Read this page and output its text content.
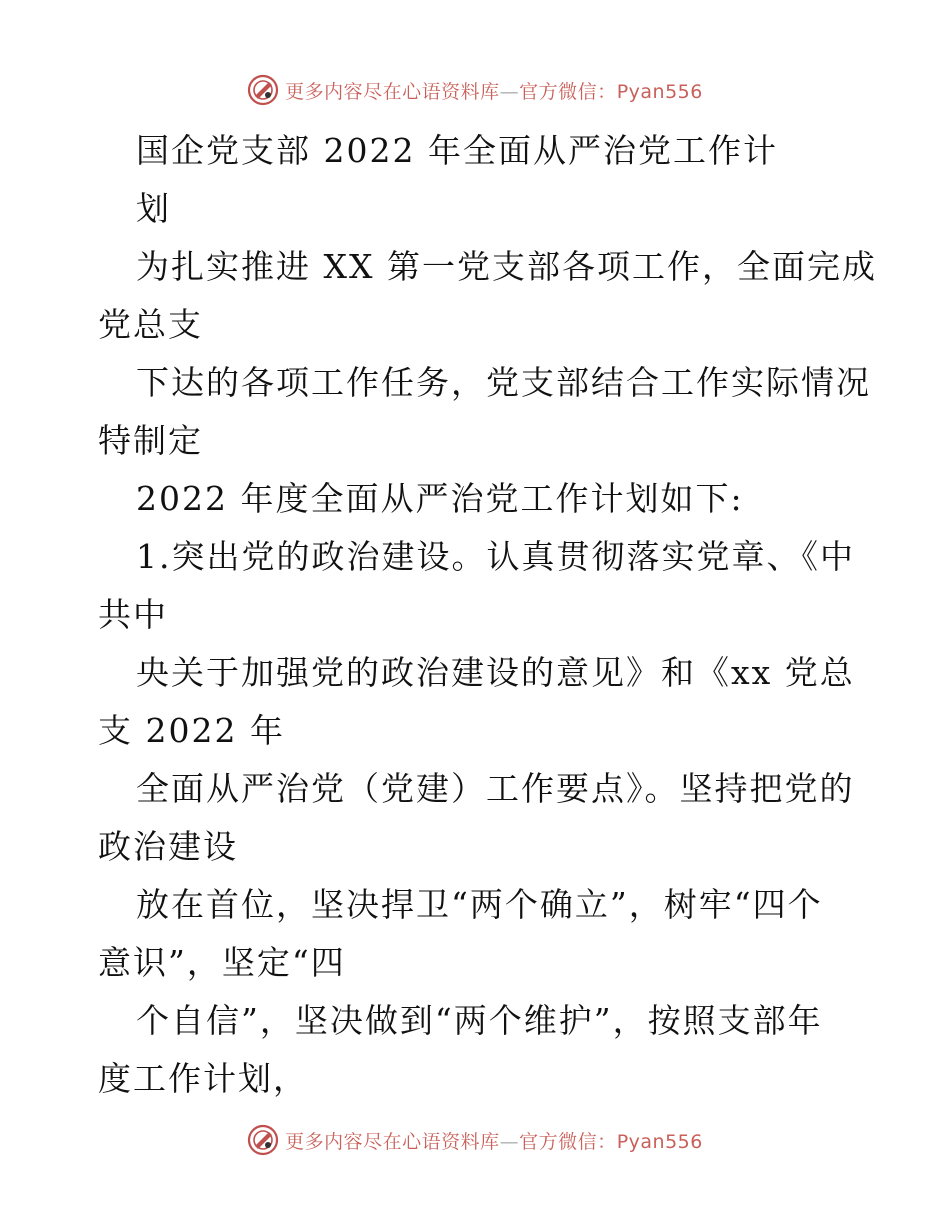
更多内容尽在心语资料库—官方微信：Pyan556
国企党支部 2022 年全面从严治党工作计
划
为扎实推进 XX 第一党支部各项工作，全面完成
党总支
下达的各项工作任务，党支部结合工作实际情况
特制定
2022 年度全面从严治党工作计划如下:
1.突出党的政治建设。认真贯彻落实党章、《中
共中
央关于加强党的政治建设的意见》和《xx 党总
支 2022 年
全面从严治党（党建）工作要点》。坚持把党的
政治建设
放在首位，坚决捍卫“两个确立”，树牢“四个
意识”，坚定“四
个自信”，坚决做到“两个维护”，按照支部年
度工作计划，
更多内容尽在心语资料库—官方微信：Pyan556
